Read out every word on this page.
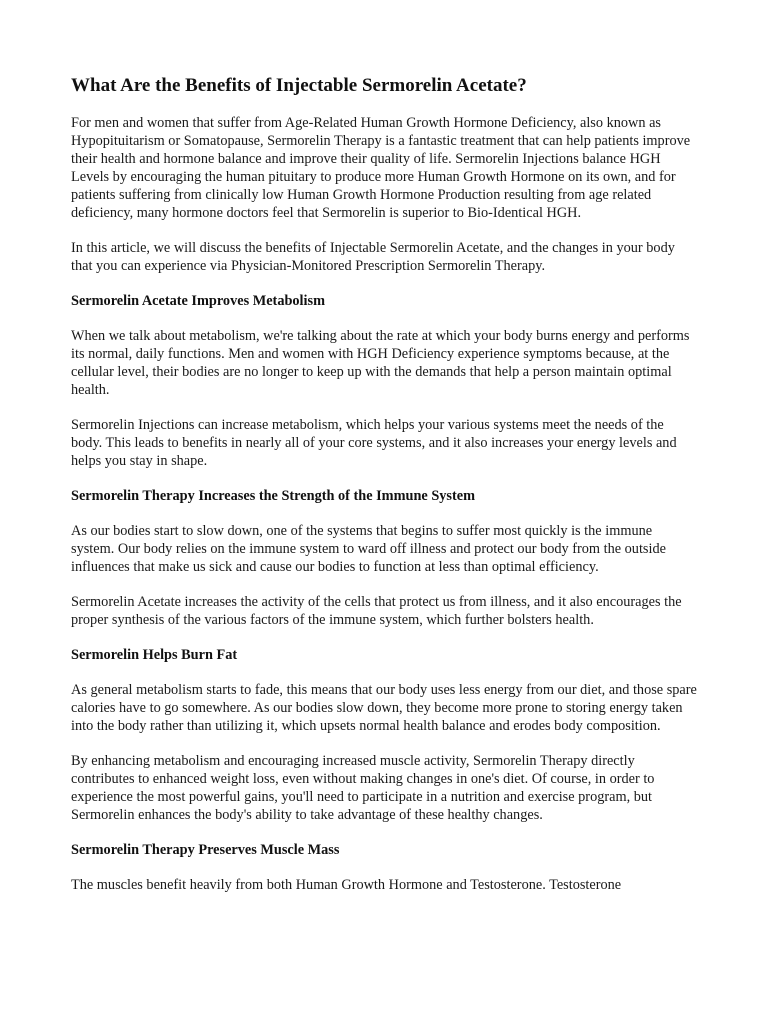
What Are the Benefits of Injectable Sermorelin Acetate?

For men and women that suffer from Age-Related Human Growth Hormone Deficiency, also known as Hypopituitarism or Somatopause, Sermorelin Therapy is a fantastic treatment that can help patients improve their health and hormone balance and improve their quality of life. Sermorelin Injections balance HGH Levels by encouraging the human pituitary to produce more Human Growth Hormone on its own, and for patients suffering from clinically low Human Growth Hormone Production resulting from age related deficiency, many hormone doctors feel that Sermorelin is superior to Bio-Identical HGH.

In this article, we will discuss the benefits of Injectable Sermorelin Acetate, and the changes in your body that you can experience via Physician-Monitored Prescription Sermorelin Therapy.

Sermorelin Acetate Improves Metabolism

When we talk about metabolism, we're talking about the rate at which your body burns energy and performs its normal, daily functions. Men and women with HGH Deficiency experience symptoms because, at the cellular level, their bodies are no longer to keep up with the demands that help a person maintain optimal health.

Sermorelin Injections can increase metabolism, which helps your various systems meet the needs of the body. This leads to benefits in nearly all of your core systems, and it also increases your energy levels and helps you stay in shape.

Sermorelin Therapy Increases the Strength of the Immune System

As our bodies start to slow down, one of the systems that begins to suffer most quickly is the immune system. Our body relies on the immune system to ward off illness and protect our body from the outside influences that make us sick and cause our bodies to function at less than optimal efficiency.

Sermorelin Acetate increases the activity of the cells that protect us from illness, and it also encourages the proper synthesis of the various factors of the immune system, which further bolsters health.

Sermorelin Helps Burn Fat

As general metabolism starts to fade, this means that our body uses less energy from our diet, and those spare calories have to go somewhere. As our bodies slow down, they become more prone to storing energy taken into the body rather than utilizing it, which upsets normal health balance and erodes body composition.

By enhancing metabolism and encouraging increased muscle activity, Sermorelin Therapy directly contributes to enhanced weight loss, even without making changes in one's diet. Of course, in order to experience the most powerful gains, you'll need to participate in a nutrition and exercise program, but Sermorelin enhances the body's ability to take advantage of these healthy changes.

Sermorelin Therapy Preserves Muscle Mass

The muscles benefit heavily from both Human Growth Hormone and Testosterone. Testosterone
